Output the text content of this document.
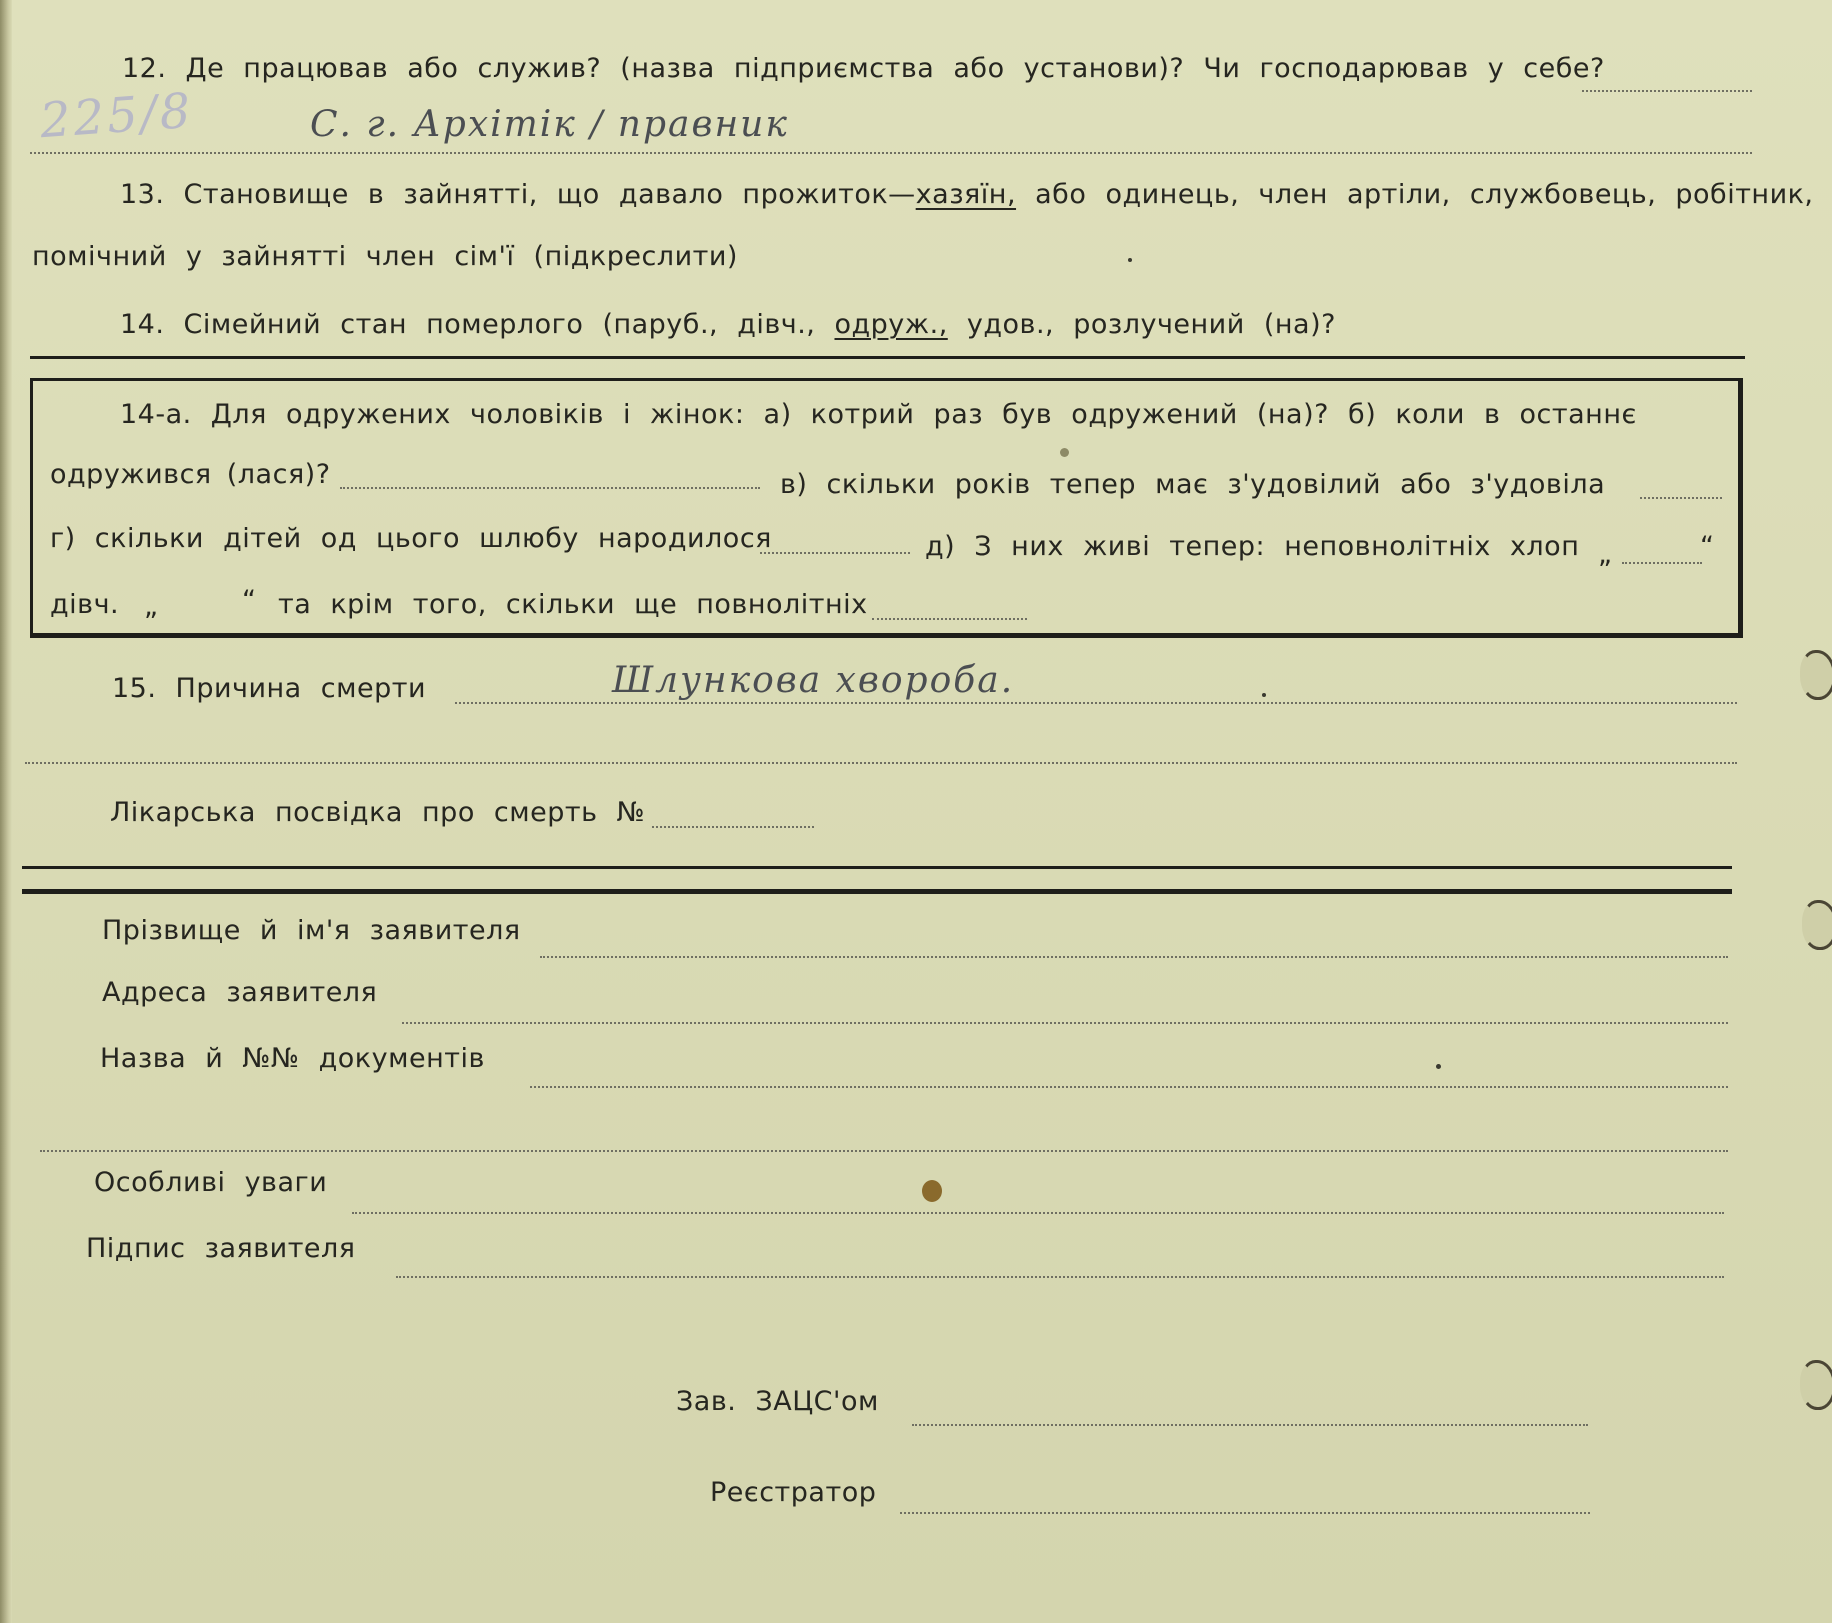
225/8
12. Де працював або служив? (назва підприємства або установи)? Чи господарював у себе?
С. г. Архітік / правник
13. Становище в зайнятті, що давало прожиток—хазяїн, або одинець, член артіли, службовець, робітник,
помічний у зайнятті член сім'ї (підкреслити)
14. Сімейний стан померлого (паруб., дівч., одруж., удов., розлучений (на)?
14-а. Для одружених чоловіків і жінок: а) котрий раз був одружений (на)? б) коли в останнє
одружився (лася)?	в) скільки років тепер має з'удовілий або з'удовіла
г) скільки дітей од цього шлюбу народилося	д) З них живі тепер: неповнолітніх хлоп „	“
дівч. „	“ та крім того, скільки ще повнолітніх
15. Причина смерти	Шлункова хвороба.
Лікарська посвідка про смерть №
Прізвище й ім'я заявителя
Адреса заявителя
Назва й №№ документів
Особливі уваги
Підпис заявителя
Зав. ЗАЦС'ом
Реєстратор
